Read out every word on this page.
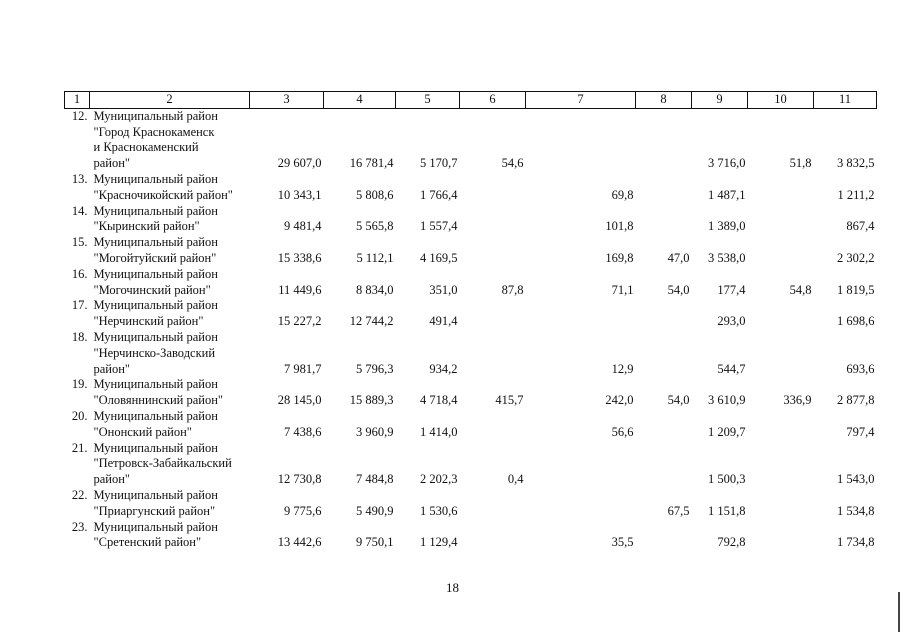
1	2	3	4	5	6	7	8	9	10	11
12.	Муниципальный район
"Город Краснокаменск
и Краснокаменский
район"	29 607,0	16 781,4	5 170,7	54,6			3 716,0	51,8	3 832,5
13.	Муниципальный район
"Красночикойский район"	10 343,1	5 808,6	1 766,4		69,8		1 487,1		1 211,2
14.	Муниципальный район
"Кыринский район"	9 481,4	5 565,8	1 557,4		101,8		1 389,0		867,4
15.	Муниципальный район
"Могойтуйский район"	15 338,6	5 112,1	4 169,5		169,8	47,0	3 538,0		2 302,2
16.	Муниципальный район
"Могочинский район"	11 449,6	8 834,0	351,0	87,8	71,1	54,0	177,4	54,8	1 819,5
17.	Муниципальный район
"Нерчинский район"	15 227,2	12 744,2	491,4				293,0		1 698,6
18.	Муниципальный район
"Нерчинско-Заводский
район"	7 981,7	5 796,3	934,2		12,9		544,7		693,6
19.	Муниципальный район
"Оловяннинский район"	28 145,0	15 889,3	4 718,4	415,7	242,0	54,0	3 610,9	336,9	2 877,8
20.	Муниципальный район
"Ононский район"	7 438,6	3 960,9	1 414,0		56,6		1 209,7		797,4
21.	Муниципальный район
"Петровск-Забайкальский
район"	12 730,8	7 484,8	2 202,3	0,4			1 500,3		1 543,0
22.	Муниципальный район
"Приаргунский район"	9 775,6	5 490,9	1 530,6			67,5	1 151,8		1 534,8
23.	Муниципальный район
"Сретенский район"	13 442,6	9 750,1	1 129,4		35,5		792,8		1 734,8
18
